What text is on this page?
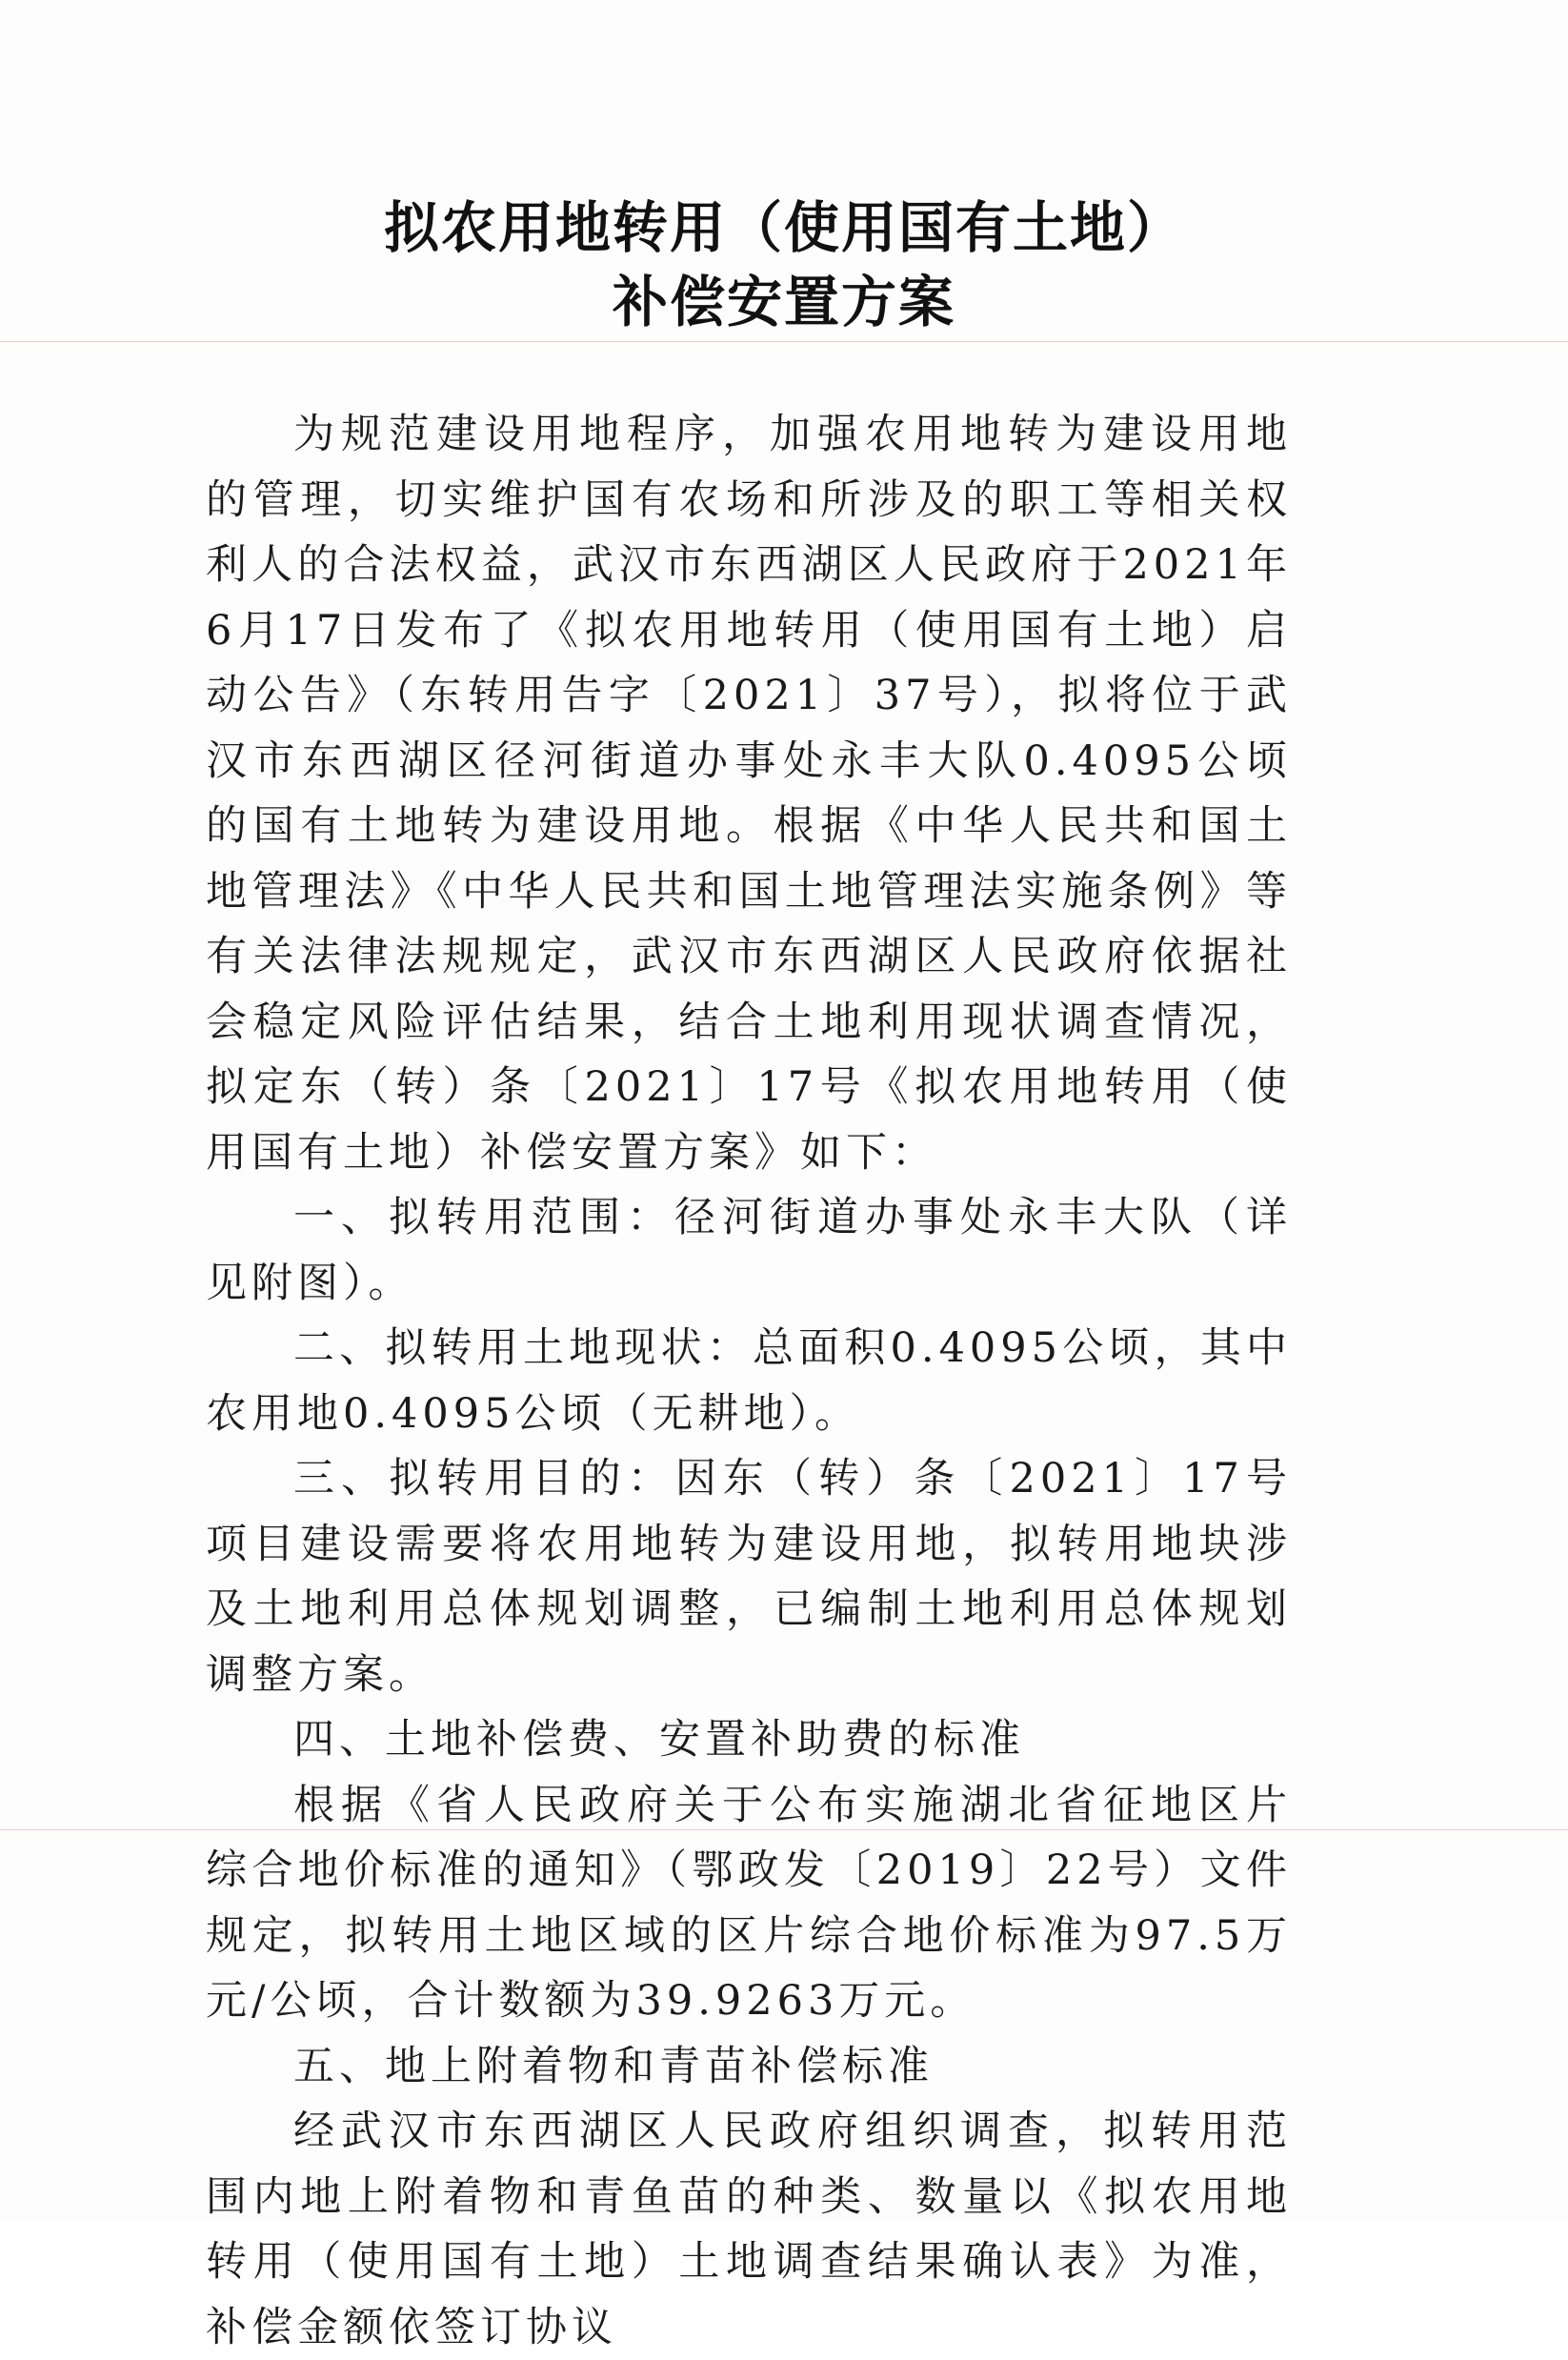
拟农用地转用（使用国有土地）
补偿安置方案

为规范建设用地程序，加强农用地转为建设用地的管理，切实维护国有农场和所涉及的职工等相关权利人的合法权益，武汉市东西湖区人民政府于2021年6月17日发布了《拟农用地转用（使用国有土地）启动公告》（东转用告字〔2021〕37号），拟将位于武汉市东西湖区径河街道办事处永丰大队0.4095公顷的国有土地转为建设用地。根据《中华人民共和国土地管理法》《中华人民共和国土地管理法实施条例》等有关法律法规规定，武汉市东西湖区人民政府依据社会稳定风险评估结果，结合土地利用现状调查情况，拟定东（转）条〔2021〕17号《拟农用地转用（使用国有土地）补偿安置方案》如下：

一、拟转用范围：径河街道办事处永丰大队（详见附图）。

二、拟转用土地现状：总面积0.4095公顷，其中农用地0.4095公顷（无耕地）。

三、拟转用目的：因东（转）条〔2021〕17号项目建设需要将农用地转为建设用地，拟转用地块涉及土地利用总体规划调整，已编制土地利用总体规划调整方案。

四、土地补偿费、安置补助费的标准

根据《省人民政府关于公布实施湖北省征地区片综合地价标准的通知》（鄂政发〔2019〕22号）文件规定，拟转用土地区域的区片综合地价标准为97.5万元/公顷，合计数额为39.9263万元。

五、地上附着物和青苗补偿标准

经武汉市东西湖区人民政府组织调查，拟转用范围内地上附着物和青鱼苗的种类、数量以《拟农用地转用（使用国有土地）土地调查结果确认表》为准，补偿金额依签订协议
